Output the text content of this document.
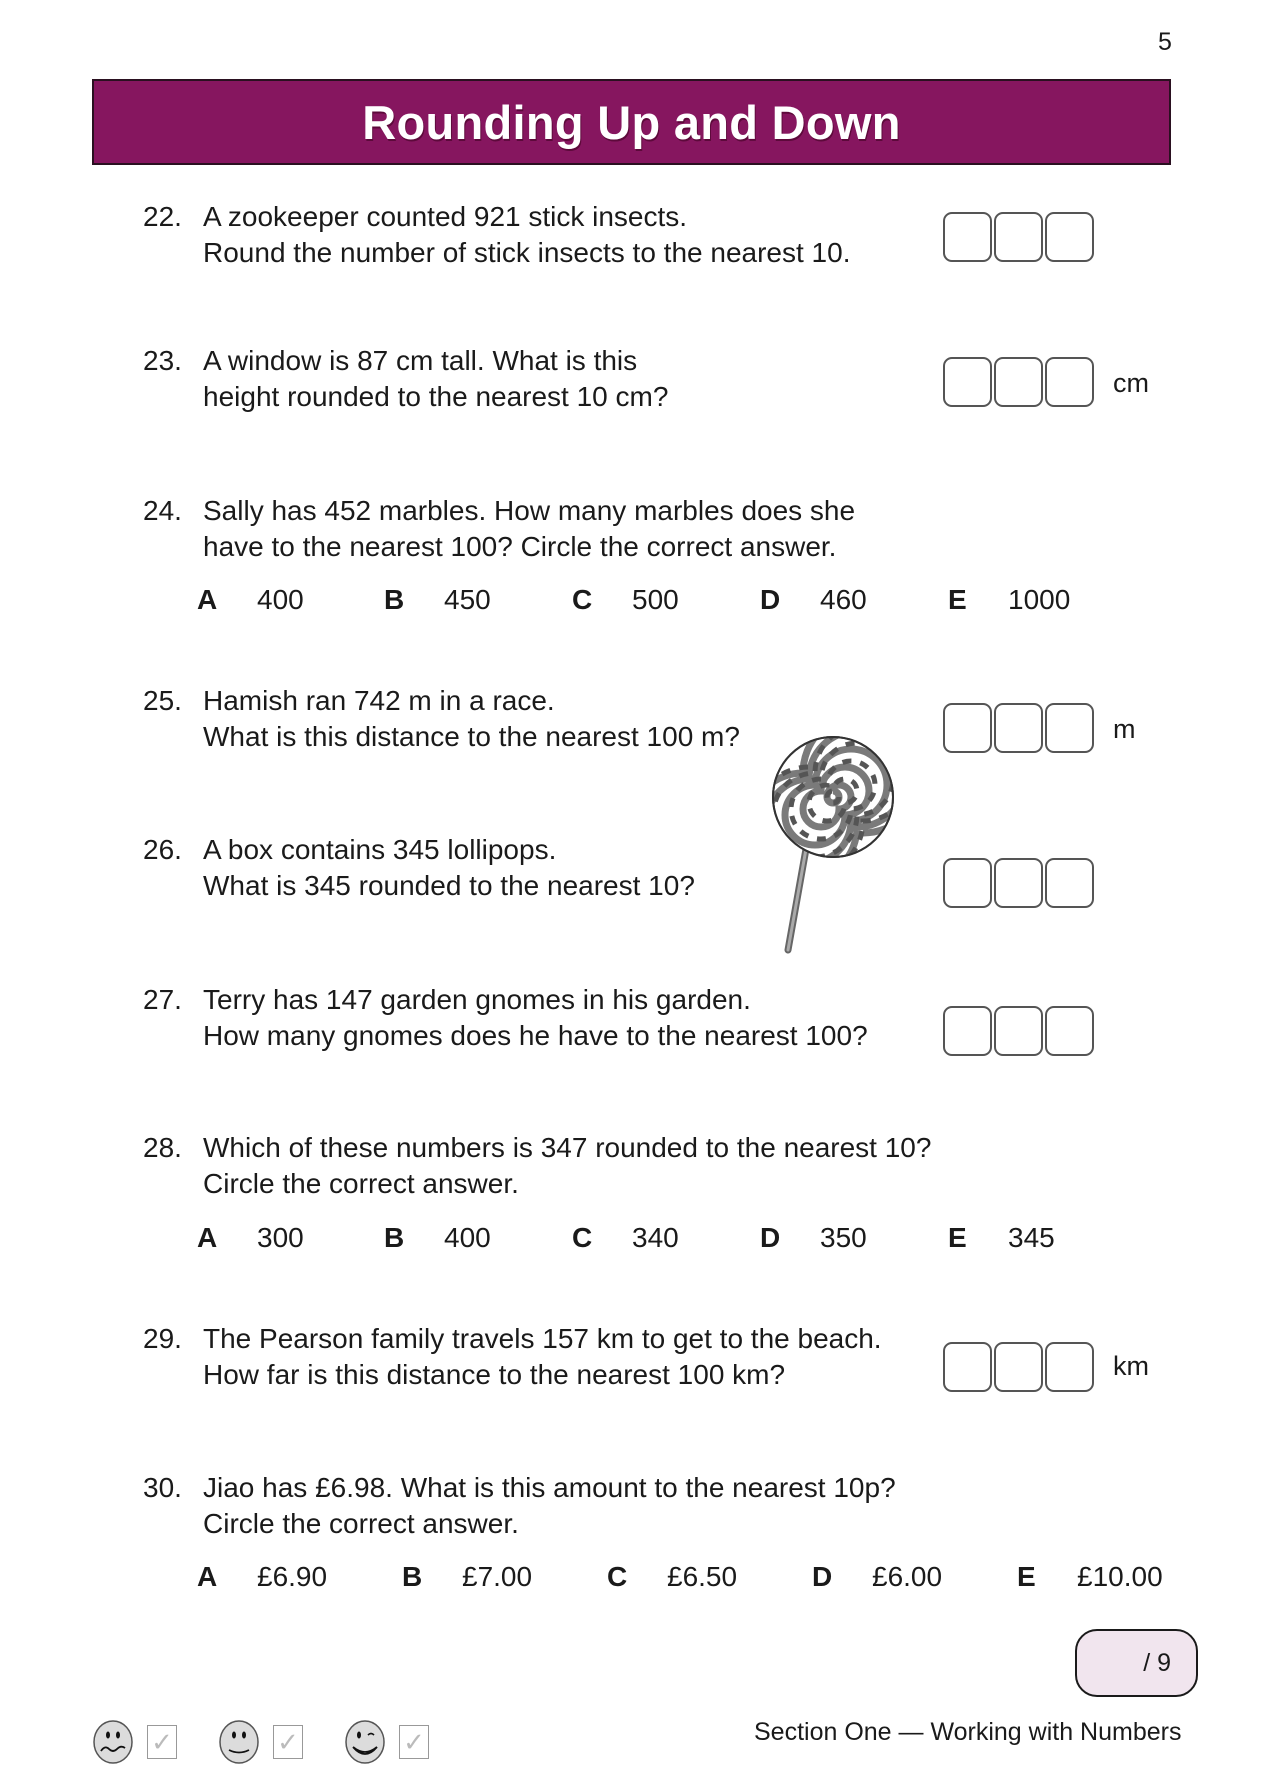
5
Rounding Up and Down
22. A zookeeper counted 921 stick insects.
Round the number of stick insects to the nearest 10.
23. A window is 87 cm tall. What is this
height rounded to the nearest 10 cm?	cm
24. Sally has 452 marbles. How many marbles does she
have to the nearest 100? Circle the correct answer.
A	400	B	450	C	500	D	460	E	1000
25. Hamish ran 742 m in a race.
What is this distance to the nearest 100 m?	m
26. A box contains 345 lollipops.
What is 345 rounded to the nearest 10?
27. Terry has 147 garden gnomes in his garden.
How many gnomes does he have to the nearest 100?
28. Which of these numbers is 347 rounded to the nearest 10?
Circle the correct answer.
A	300	B	400	C	340	D	350	E	345
29. The Pearson family travels 157 km to get to the beach.
How far is this distance to the nearest 100 km?	km
30. Jiao has £6.98. What is this amount to the nearest 10p?
Circle the correct answer.
A	£6.90	B	£7.00	C	£6.50	D	£6.00	E	£10.00
/ 9
✓	✓	✓	Section One — Working with Numbers
